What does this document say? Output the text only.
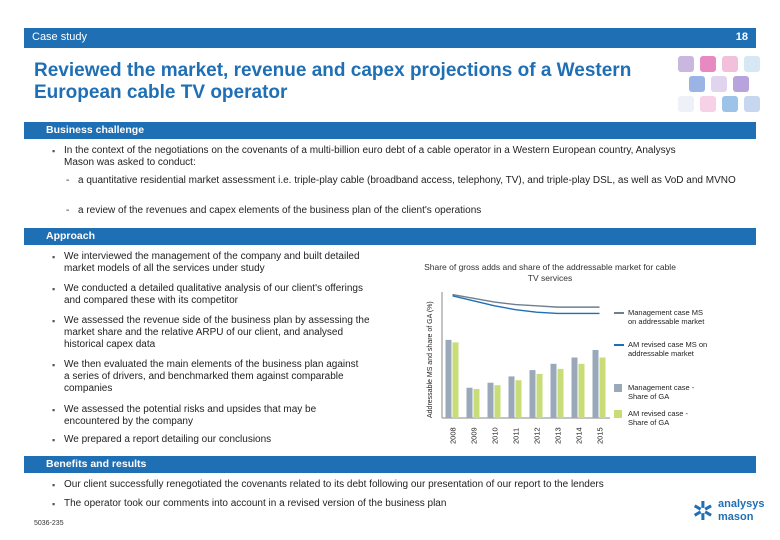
Case study	18
Reviewed the market, revenue and capex projections of a Western European cable TV operator
Business challenge
▪ In the context of the negotiations on the covenants of a multi-billion euro debt of a cable operator in a Western European country, Analysys Mason was asked to conduct:
- a quantitative residential market assessment i.e. triple-play cable (broadband access, telephony, TV), and triple-play DSL, as well as VoD and MVNO
- a review of the revenues and capex elements of the business plan of the client's operations
Approach
▪ We interviewed the management of the company and built detailed market models of all the services under study
▪ We conducted a detailed qualitative analysis of our client's offerings and compared these with its competitor
▪ We assessed the revenue side of the business plan by assessing the market share and the relative ARPU of our client, and analysed historical capex data
▪ We then evaluated the main elements of the business plan against a series of drivers, and benchmarked them against comparable companies
▪ We assessed the potential risks and upsides that may be encountered by the company
▪ We prepared a report detailing our conclusions
Share of gross adds and share of the addressable market for cable TV services
Addressable MS and share of GA (%)
2008 2009 2010 2011 2012 2013 2014 2015
Management case MS on addressable market
AM revised case MS on addressable market
Management case - Share of GA
AM revised case - Share of GA
Benefits and results
▪ Our client successfully renegotiated the covenants related to its debt following our presentation of our report to the lenders
▪ The operator took our comments into account in a revised version of the business plan
5036-235	✲ analysys
mason
